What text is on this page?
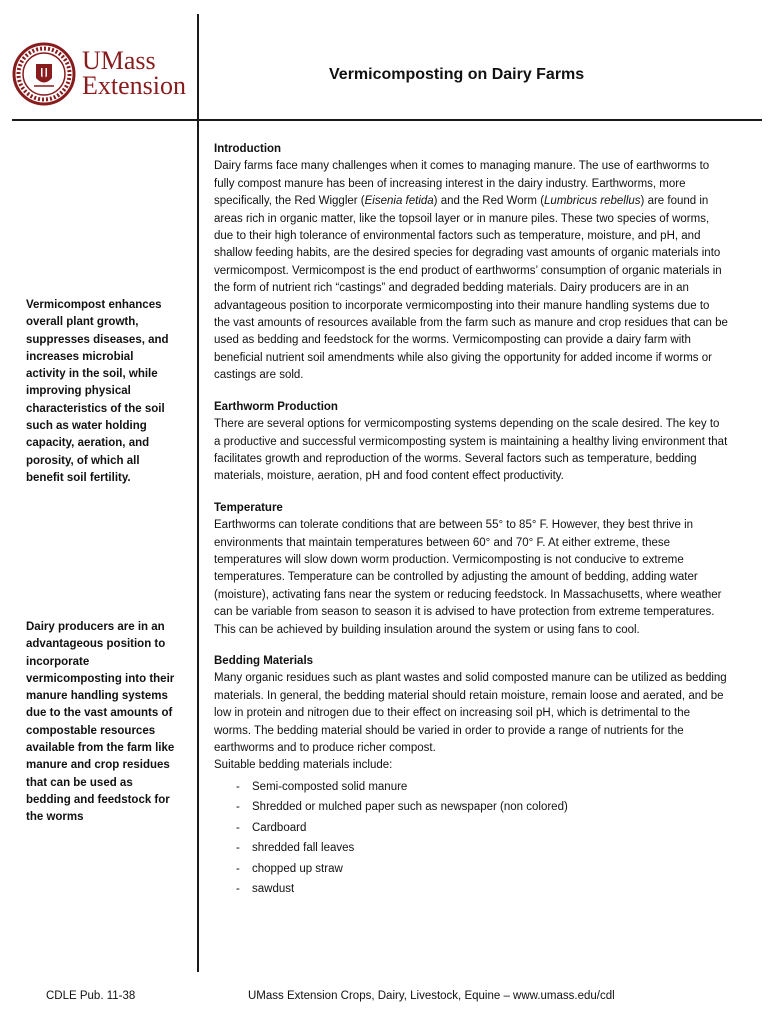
UMass
Extension	Vermicomposting on Dairy Farms
Vermicompost enhances overall plant growth, suppresses diseases, and increases microbial activity in the soil, while improving physical characteristics of the soil such as water holding capacity, aeration, and porosity, of which all benefit soil fertility.
Dairy producers are in an advantageous position to incorporate vermicomposting into their manure handling systems due to the vast amounts of compostable resources available from the farm like manure and crop residues that can be used as bedding and feedstock for the worms
Introduction

Dairy farms face many challenges when it comes to managing manure. The use of earthworms to fully compost manure has been of increasing interest in the dairy industry. Earthworms, more specifically, the Red Wiggler (Eisenia fetida) and the Red Worm (Lumbricus rebellus) are found in areas rich in organic matter, like the topsoil layer or in manure piles. These two species of worms, due to their high tolerance of environmental factors such as temperature, moisture, and pH, and shallow feeding habits, are the desired species for degrading vast amounts of organic materials into vermicompost. Vermicompost is the end product of earthworms’ consumption of organic materials in the form of nutrient rich “castings” and degraded bedding materials. Dairy producers are in an advantageous position to incorporate vermicomposting into their manure handling systems due to the vast amounts of resources available from the farm such as manure and crop residues that can be used as bedding and feedstock for the worms. Vermicomposting can provide a dairy farm with beneficial nutrient soil amendments while also giving the opportunity for added income if worms or castings are sold.

Earthworm Production

There are several options for vermicomposting systems depending on the scale desired. The key to a productive and successful vermicomposting system is maintaining a healthy living environment that facilitates growth and reproduction of the worms. Several factors such as temperature, bedding materials, moisture, aeration, pH and food content effect productivity.

Temperature

Earthworms can tolerate conditions that are between 55° to 85° F. However, they best thrive in environments that maintain temperatures between 60° and 70° F. At either extreme, these temperatures will slow down worm production. Vermicomposting is not conducive to extreme temperatures. Temperature can be controlled by adjusting the amount of bedding, adding water (moisture), activating fans near the system or reducing feedstock. In Massachusetts, where weather can be variable from season to season it is advised to have protection from extreme temperatures. This can be achieved by building insulation around the system or using fans to cool.

Bedding Materials

Many organic residues such as plant wastes and solid composted manure can be utilized as bedding materials. In general, the bedding material should retain moisture, remain loose and aerated, and be low in protein and nitrogen due to their effect on increasing soil pH, which is detrimental to the worms. The bedding material should be varied in order to provide a range of nutrients for the earthworms and to produce richer compost.

Suitable bedding materials include:

- Semi-composted solid manure
- Shredded or mulched paper such as newspaper (non colored)
- Cardboard
- shredded fall leaves
- chopped up straw
- sawdust
CDLE Pub. 11-38	UMass Extension Crops, Dairy, Livestock, Equine – www.umass.edu/cdl
